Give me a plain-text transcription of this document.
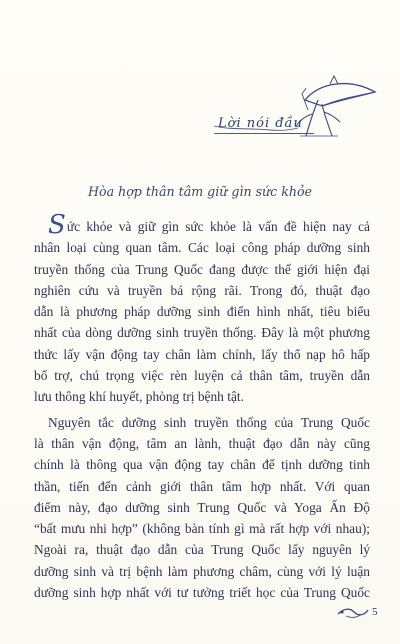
Lời nói đầu
Hòa hợp thân tâm giữ gìn sức khỏe

Sức khỏe và giữ gìn sức khỏe là vấn đề hiện nay cả
nhân loại cùng quan tâm. Các loại công pháp dưỡng sinh
truyền thống của Trung Quốc đang được thế giới hiện đại
nghiên cứu và truyền bá rộng rãi. Trong đó, thuật đạo
dẫn là phương pháp dưỡng sinh điển hình nhất, tiêu biểu
nhất của dòng dưỡng sinh truyền thống. Đây là một phương
thức lấy vận động tay chân làm chính, lấy thổ nạp hô hấp
bổ trợ, chú trọng việc rèn luyện cả thân tâm, truyền dẫn
lưu thông khí huyết, phòng trị bệnh tật.

Nguyên tắc dưỡng sinh truyền thống của Trung Quốc
là thân vận động, tâm an lành, thuật đạo dẫn này cũng
chính là thông qua vận động tay chân để tịnh dưỡng tinh
thần, tiến đến cảnh giới thân tâm hợp nhất. Với quan
điểm này, đạo dưỡng sinh Trung Quốc và Yoga Ấn Độ
“bất mưu nhi hợp” (không bàn tính gì mà rất hợp với nhau);
Ngoài ra, thuật đạo dẫn của Trung Quốc lấy nguyên lý
dưỡng sinh và trị bệnh làm phương châm, cùng với lý luận
dưỡng sinh hợp nhất với tư tưởng triết học của Trung Quốc

5
